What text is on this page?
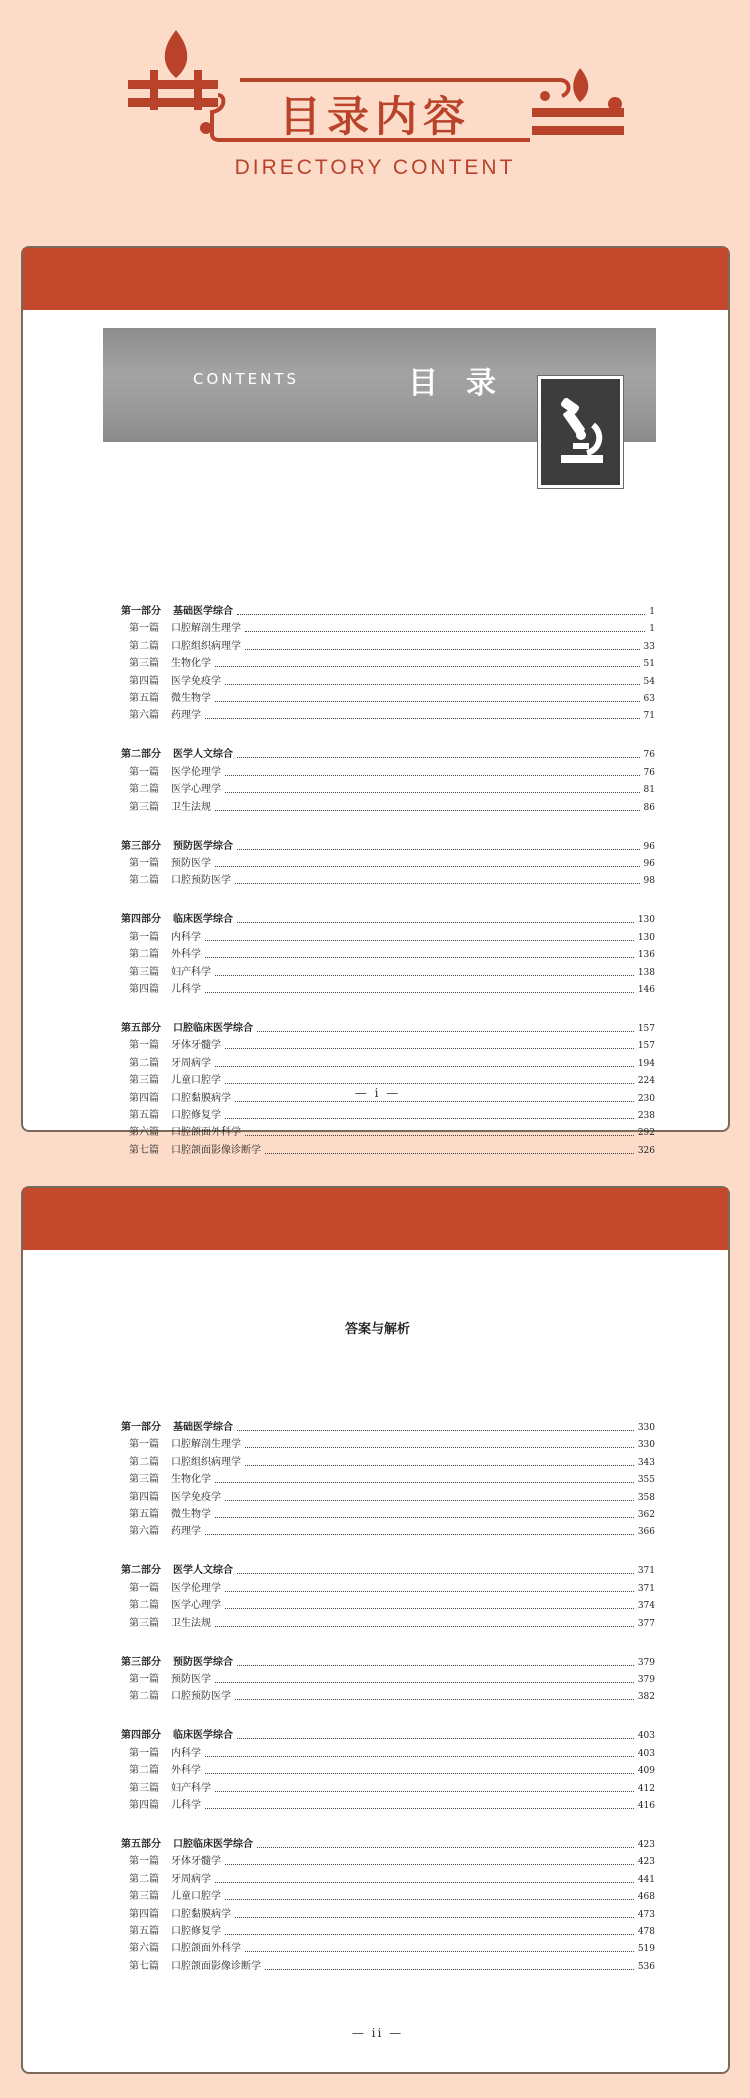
目录内容
DIRECTORY CONTENT
CONTENTS	目录
第一部分 基础医学综合	1
第一篇 口腔解剖生理学	1
第二篇 口腔组织病理学	33
第三篇 生物化学	51
第四篇 医学免疫学	54
第五篇 微生物学	63
第六篇 药理学	71
第二部分 医学人文综合	76
第一篇 医学伦理学	76
第二篇 医学心理学	81
第三篇 卫生法规	86
第三部分 预防医学综合	96
第一篇 预防医学	96
第二篇 口腔预防医学	98
第四部分 临床医学综合	130
第一篇 内科学	130
第二篇 外科学	136
第三篇 妇产科学	138
第四篇 儿科学	146
第五部分 口腔临床医学综合	157
第一篇 牙体牙髓学	157
第二篇 牙周病学	194
第三篇 儿童口腔学	224
第四篇 口腔黏膜病学	230
第五篇 口腔修复学	238
第六篇 口腔颌面外科学	292
第七篇 口腔颌面影像诊断学	326
— i —
答案与解析
第一部分 基础医学综合	330
第一篇 口腔解剖生理学	330
第二篇 口腔组织病理学	343
第三篇 生物化学	355
第四篇 医学免疫学	358
第五篇 微生物学	362
第六篇 药理学	366
第二部分 医学人文综合	371
第一篇 医学伦理学	371
第二篇 医学心理学	374
第三篇 卫生法规	377
第三部分 预防医学综合	379
第一篇 预防医学	379
第二篇 口腔预防医学	382
第四部分 临床医学综合	403
第一篇 内科学	403
第二篇 外科学	409
第三篇 妇产科学	412
第四篇 儿科学	416
第五部分 口腔临床医学综合	423
第一篇 牙体牙髓学	423
第二篇 牙周病学	441
第三篇 儿童口腔学	468
第四篇 口腔黏膜病学	473
第五篇 口腔修复学	478
第六篇 口腔颌面外科学	519
第七篇 口腔颌面影像诊断学	536
— ii —
